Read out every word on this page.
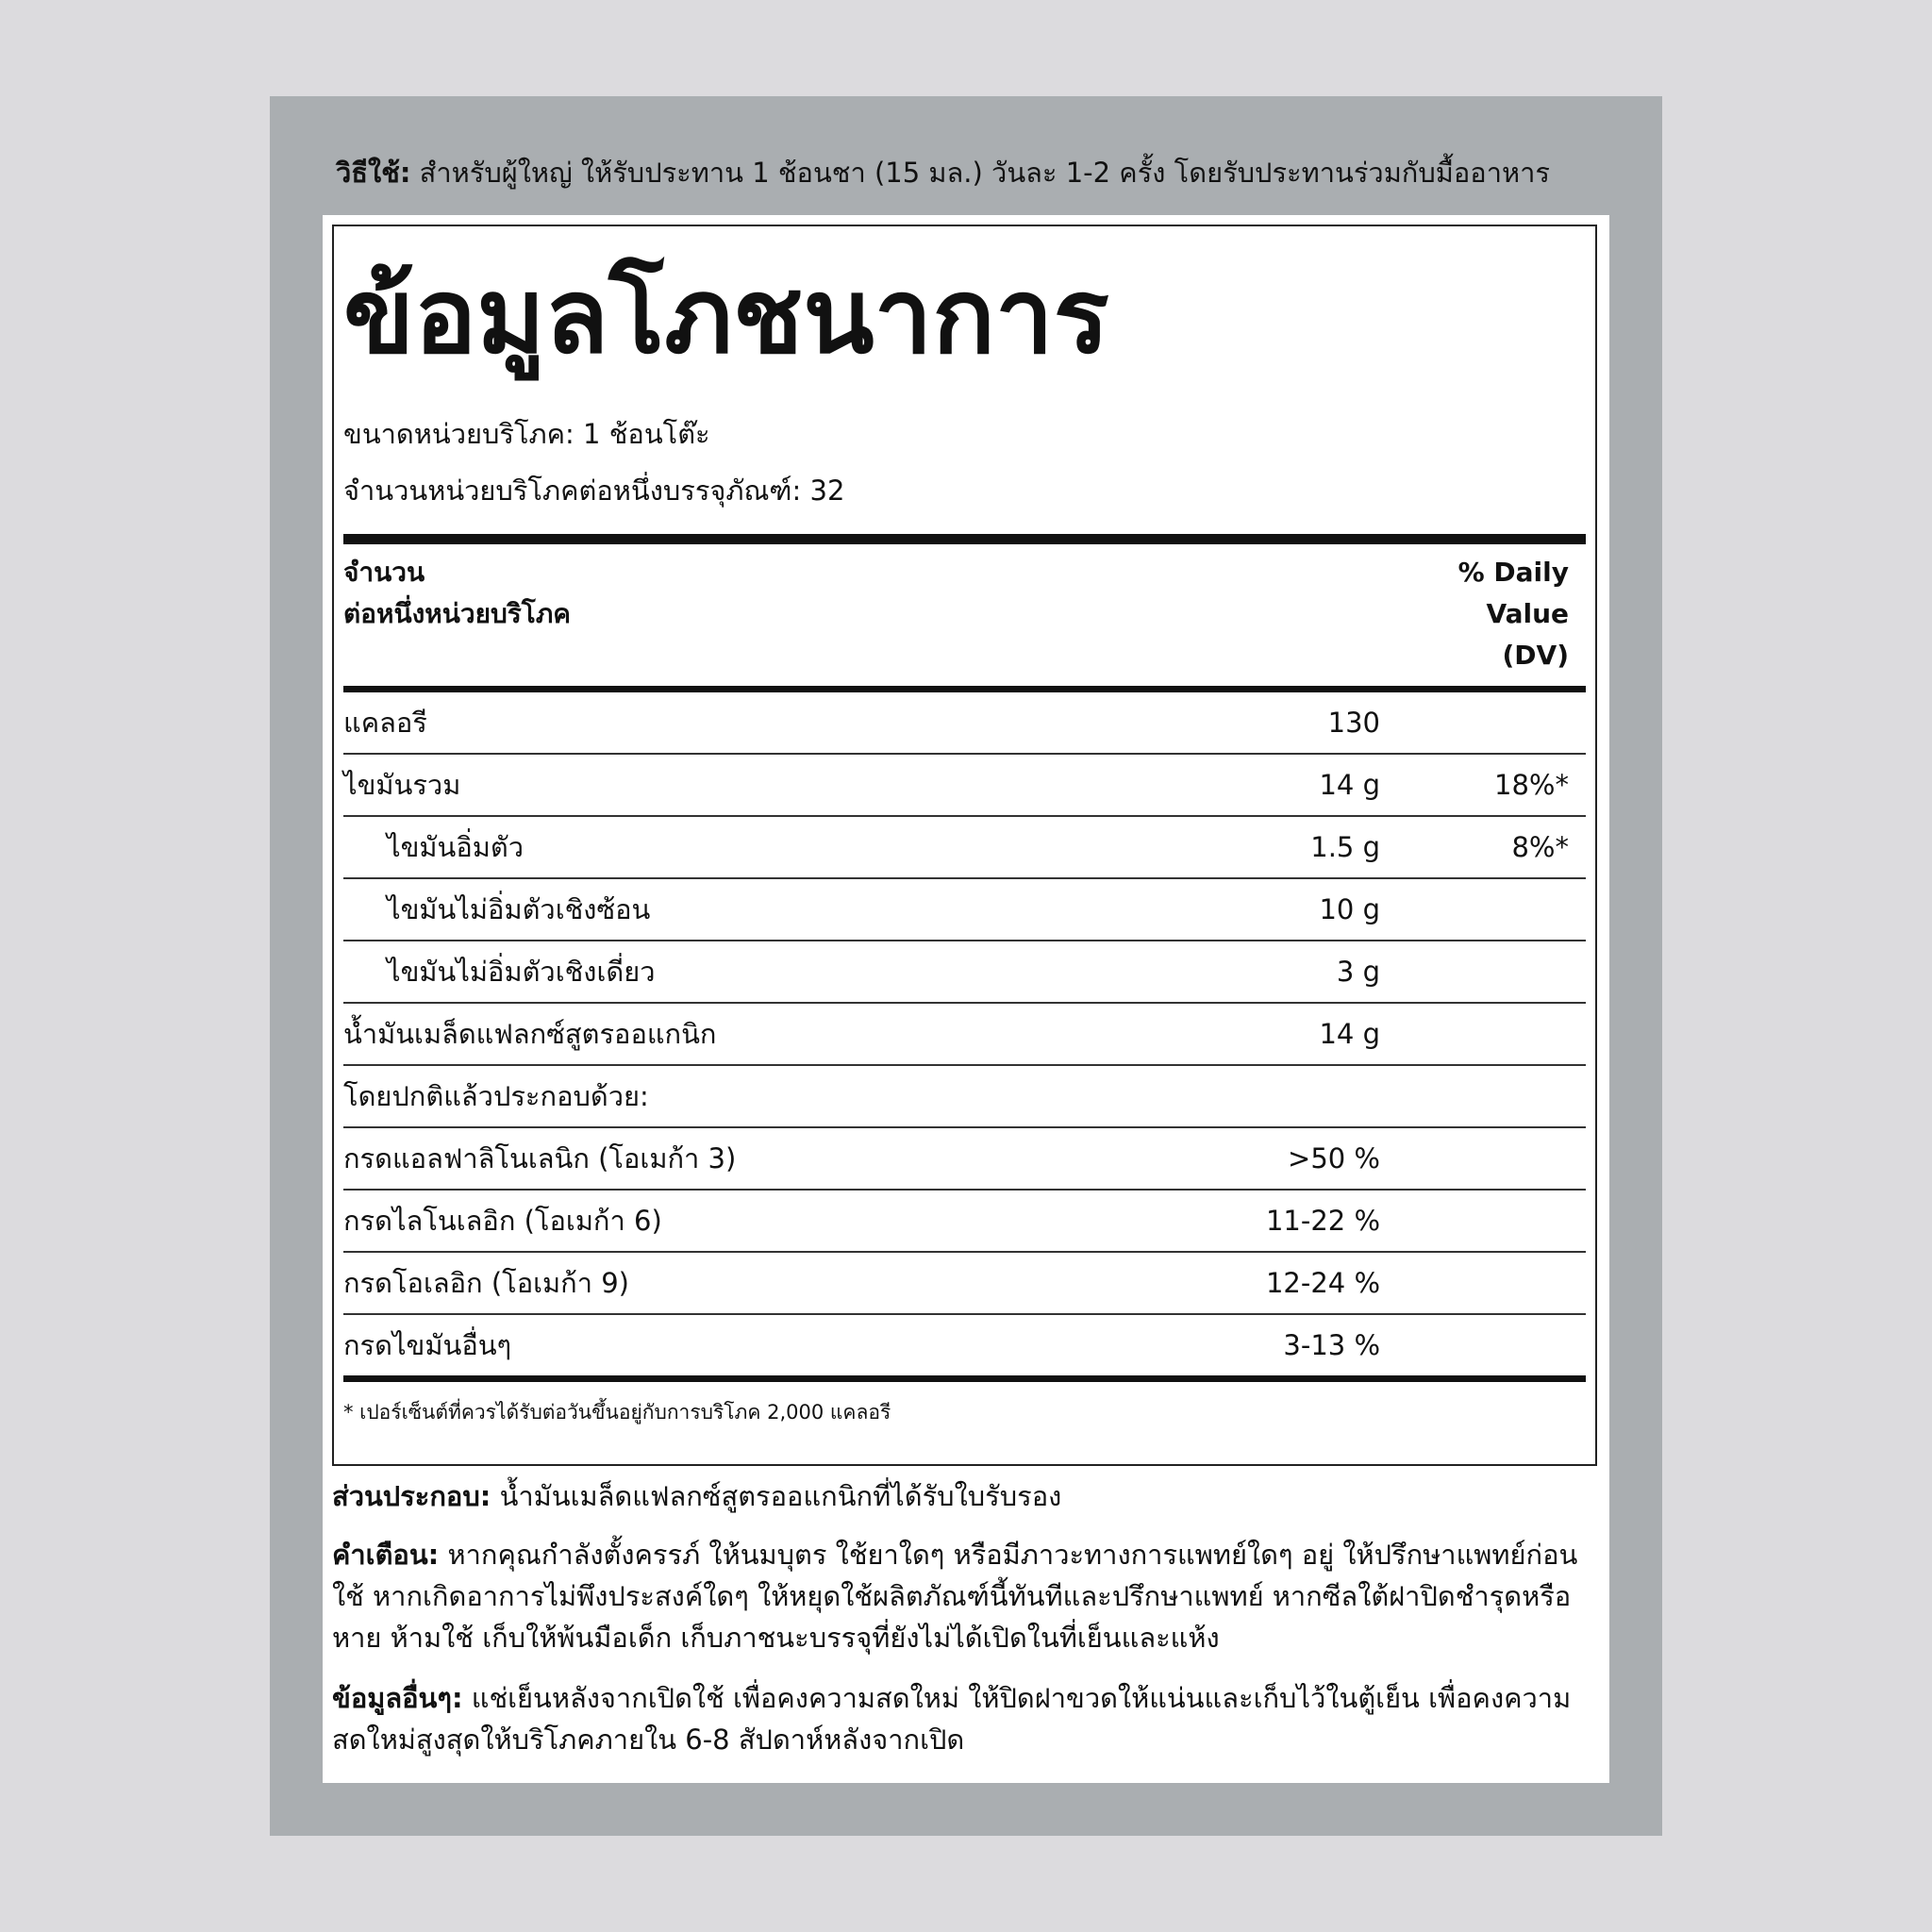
วิธีใช้: สำหรับผู้ใหญ่ ให้รับประทาน 1 ช้อนชา (15 มล.) วันละ 1-2 ครั้ง โดยรับประทานร่วมกับมื้ออาหาร
ข้อมูลโภชนาการ
ขนาดหน่วยบริโภค: 1 ช้อนโต๊ะ
จำนวนหน่วยบริโภคต่อหนึ่งบรรจุภัณฑ์: 32
จำนวน
ต่อหนึ่งหน่วยบริโภค
% Daily
Value
(DV)
แคลอรี	130
ไขมันรวม	14 g	18%*
ไขมันอิ่มตัว	1.5 g	8%*
ไขมันไม่อิ่มตัวเชิงซ้อน	10 g
ไขมันไม่อิ่มตัวเชิงเดี่ยว	3 g
น้ำมันเมล็ดแฟลกซ์สูตรออแกนิก	14 g
โดยปกติแล้วประกอบด้วย:
กรดแอลฟาลิโนเลนิก (โอเมก้า 3)	>50 %
กรดไลโนเลอิก (โอเมก้า 6)	11-22 %
กรดโอเลอิก (โอเมก้า 9)	12-24 %
กรดไขมันอื่นๆ	3-13 %
* เปอร์เซ็นต์ที่ควรได้รับต่อวันขึ้นอยู่กับการบริโภค 2,000 แคลอรี
ส่วนประกอบ: น้ำมันเมล็ดแฟลกซ์สูตรออแกนิกที่ได้รับใบรับรอง
คำเตือน: หากคุณกำลังตั้งครรภ์ ให้นมบุตร ใช้ยาใดๆ หรือมีภาวะทางการแพทย์ใดๆ อยู่ ให้ปรึกษาแพทย์ก่อนใช้ หากเกิดอาการไม่พึงประสงค์ใดๆ ให้หยุดใช้ผลิตภัณฑ์นี้ทันทีและปรึกษาแพทย์ หากซีลใต้ฝาปิดชำรุดหรือหาย ห้ามใช้ เก็บให้พ้นมือเด็ก เก็บภาชนะบรรจุที่ยังไม่ได้เปิดในที่เย็นและแห้ง
ข้อมูลอื่นๆ: แช่เย็นหลังจากเปิดใช้ เพื่อคงความสดใหม่ ให้ปิดฝาขวดให้แน่นและเก็บไว้ในตู้เย็น เพื่อคงความสดใหม่สูงสุดให้บริโภคภายใน 6-8 สัปดาห์หลังจากเปิด
